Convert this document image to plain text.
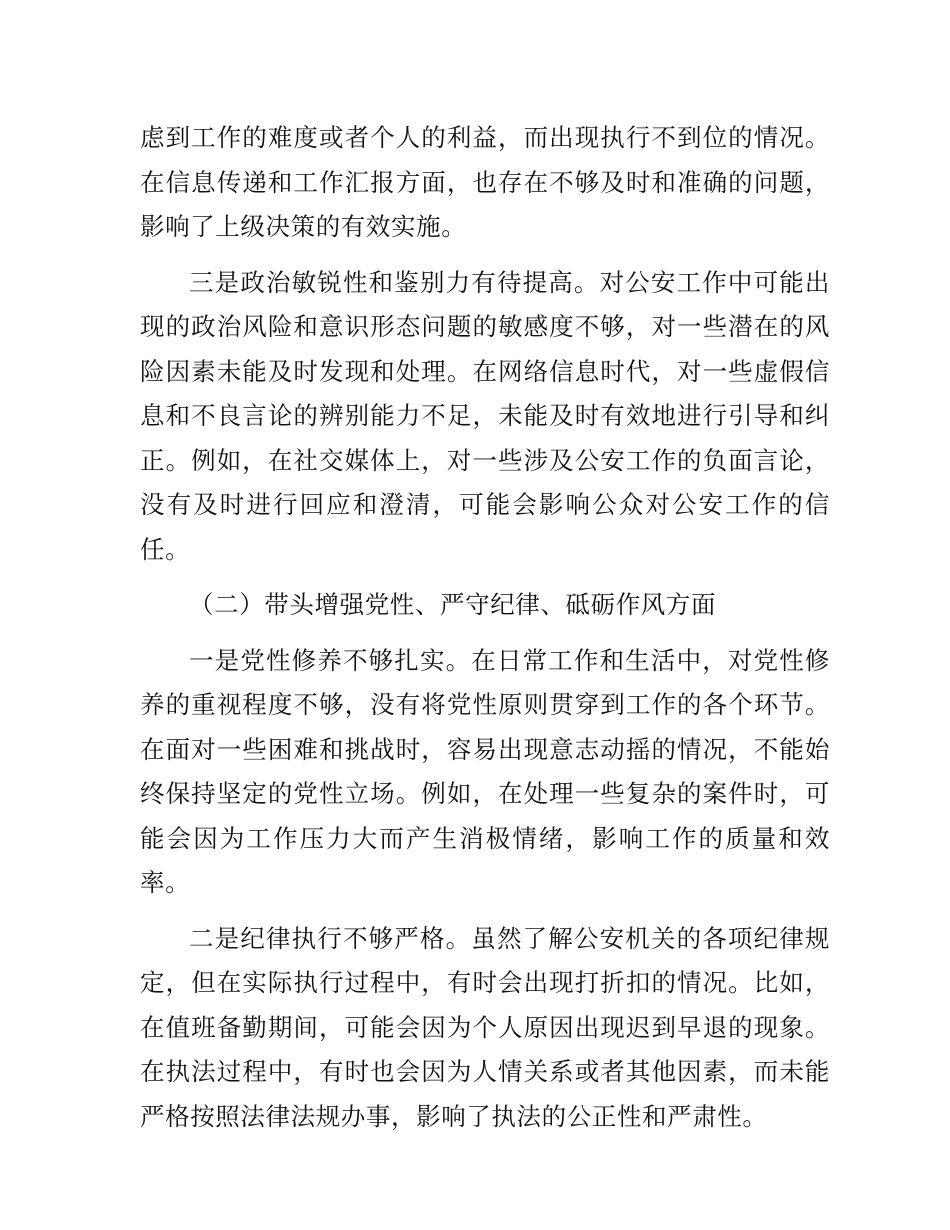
虑到工作的难度或者个人的利益，而出现执行不到位的情况。在信息传递和工作汇报方面，也存在不够及时和准确的问题，影响了上级决策的有效实施。

三是政治敏锐性和鉴别力有待提高。对公安工作中可能出现的政治风险和意识形态问题的敏感度不够，对一些潜在的风险因素未能及时发现和处理。在网络信息时代，对一些虚假信息和不良言论的辨别能力不足，未能及时有效地进行引导和纠正。例如，在社交媒体上，对一些涉及公安工作的负面言论，没有及时进行回应和澄清，可能会影响公众对公安工作的信任。

（二）带头增强党性、严守纪律、砥砺作风方面

一是党性修养不够扎实。在日常工作和生活中，对党性修养的重视程度不够，没有将党性原则贯穿到工作的各个环节。在面对一些困难和挑战时，容易出现意志动摇的情况，不能始终保持坚定的党性立场。例如，在处理一些复杂的案件时，可能会因为工作压力大而产生消极情绪，影响工作的质量和效率。

二是纪律执行不够严格。虽然了解公安机关的各项纪律规定，但在实际执行过程中，有时会出现打折扣的情况。比如，在值班备勤期间，可能会因为个人原因出现迟到早退的现象。在执法过程中，有时也会因为人情关系或者其他因素，而未能严格按照法律法规办事，影响了执法的公正性和严肃性。
